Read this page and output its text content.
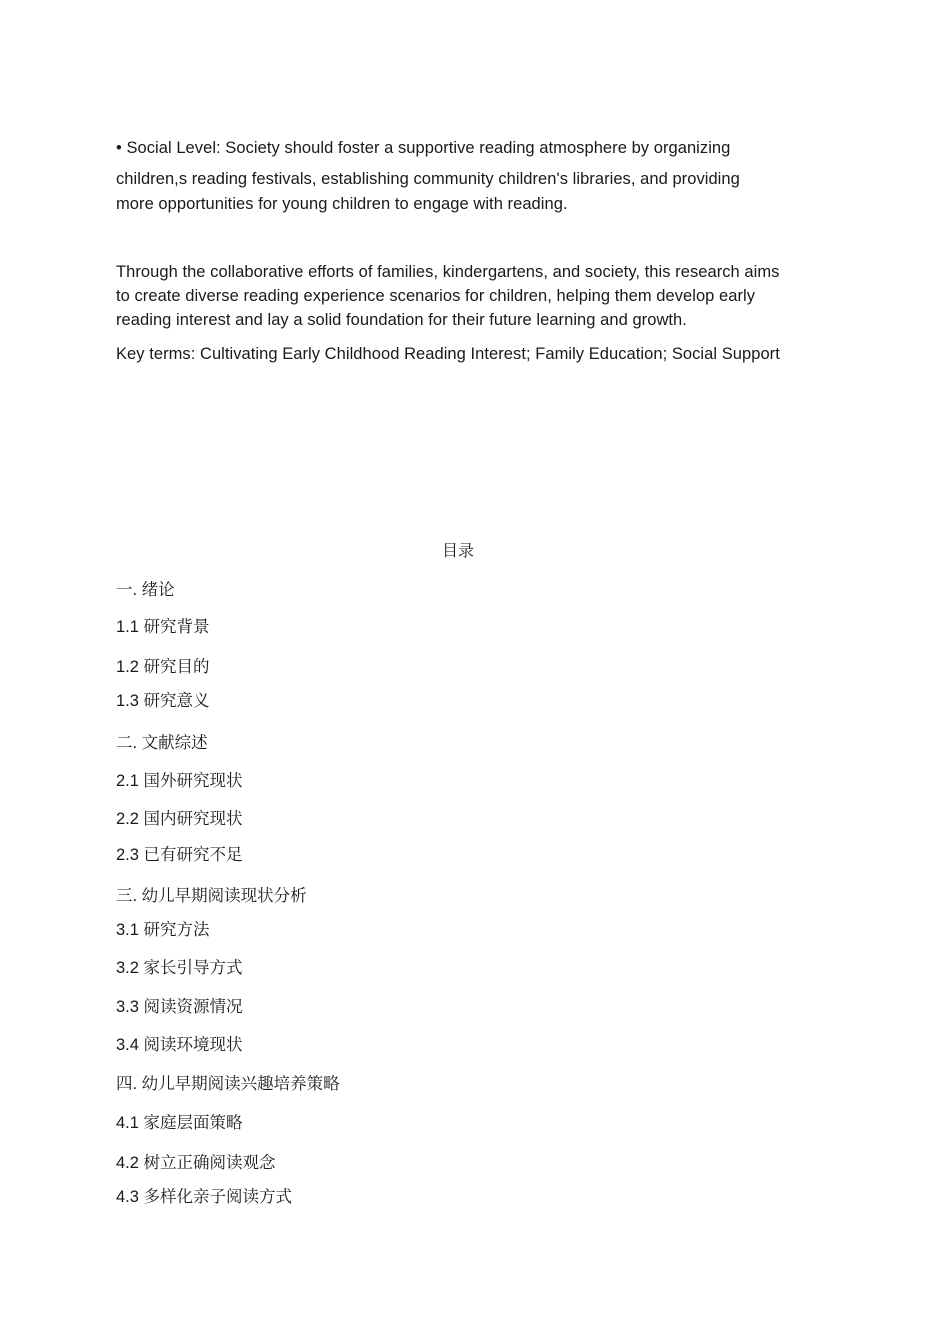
• Social Level: Society should foster a supportive reading atmosphere by organizing
children,s reading festivals, establishing community children's libraries, and providing
more opportunities for young children to engage with reading.
Through the collaborative efforts of families, kindergartens, and society, this research aims
to create diverse reading experience scenarios for children, helping them develop early
reading interest and lay a solid foundation for their future learning and growth.
Key terms: Cultivating Early Childhood Reading Interest; Family Education; Social Support
目录
一. 绪论
1.1 研究背景
1.2 研究目的
1.3 研究意义
二. 文献综述
2.1 国外研究现状
2.2 国内研究现状
2.3 已有研究不足
三. 幼儿早期阅读现状分析
3.1 研究方法
3.2 家长引导方式
3.3 阅读资源情况
3.4 阅读环境现状
四. 幼儿早期阅读兴趣培养策略
4.1 家庭层面策略
4.2 树立正确阅读观念
4.3 多样化亲子阅读方式
